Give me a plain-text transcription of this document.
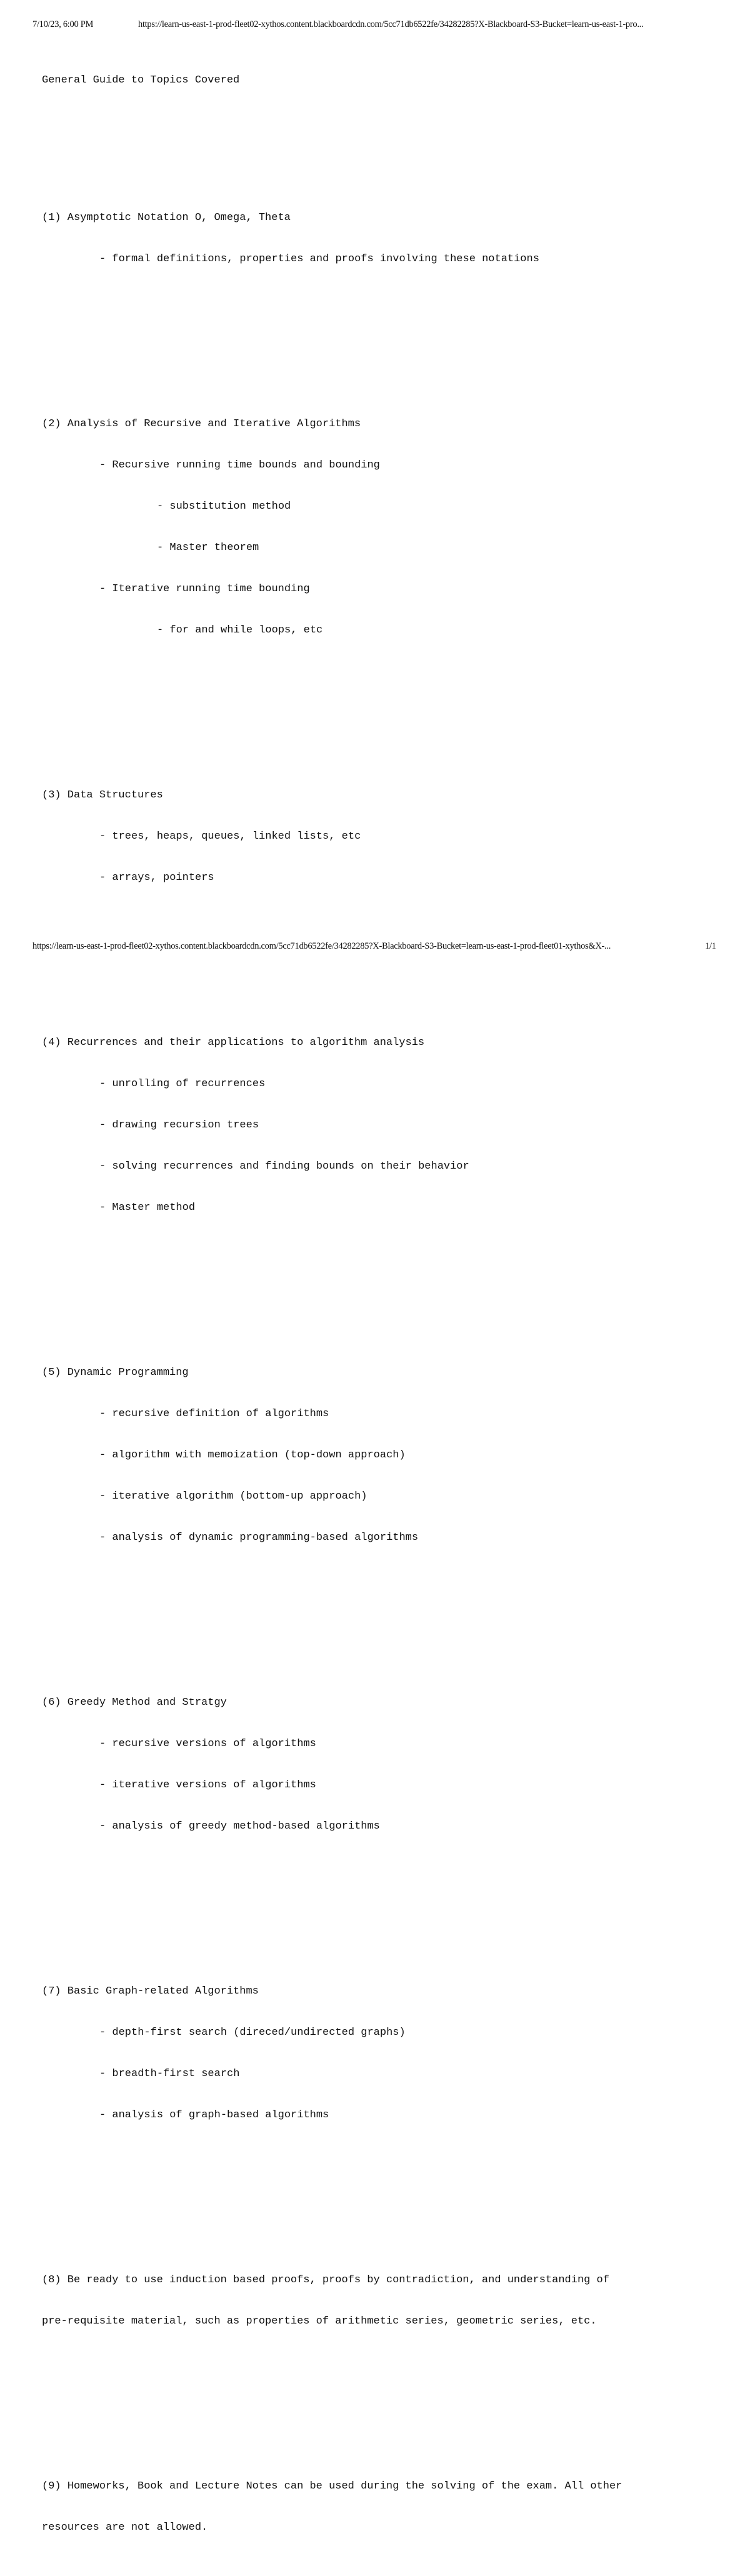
7/10/23, 6:00 PM	https://learn-us-east-1-prod-fleet02-xythos.content.blackboardcdn.com/5cc71db6522fe/34282285?X-Blackboard-S3-Bucket=learn-us-east-1-pro...

General Guide to Topics Covered

(1) Asymptotic Notation O, Omega, Theta

- formal definitions, properties and proofs involving these notations

(2) Analysis of Recursive and Iterative Algorithms

- Recursive running time bounds and bounding

- substitution method

- Master theorem

- Iterative running time bounding

- for and while loops, etc

(3) Data Structures

- trees, heaps, queues, linked lists, etc

- arrays, pointers

(4) Recurrences and their applications to algorithm analysis

- unrolling of recurrences

- drawing recursion trees

- solving recurrences and finding bounds on their behavior

- Master method

(5) Dynamic Programming

- recursive definition of algorithms

- algorithm with memoization (top-down approach)

- iterative algorithm (bottom-up approach)

- analysis of dynamic programming-based algorithms

(6) Greedy Method and Stratgy

- recursive versions of algorithms

- iterative versions of algorithms

- analysis of greedy method-based algorithms

(7) Basic Graph-related Algorithms

- depth-first search (direced/undirected graphs)

- breadth-first search

- analysis of graph-based algorithms

(8) Be ready to use induction based proofs, proofs by contradiction, and understanding of

pre-requisite material, such as properties of arithmetic series, geometric series, etc.

(9) Homeworks, Book and Lecture Notes can be used during the solving of the exam. All other

resources are not allowed.

https://learn-us-east-1-prod-fleet02-xythos.content.blackboardcdn.com/5cc71db6522fe/34282285?X-Blackboard-S3-Bucket=learn-us-east-1-prod-fleet01-xythos&X-...	1/1
